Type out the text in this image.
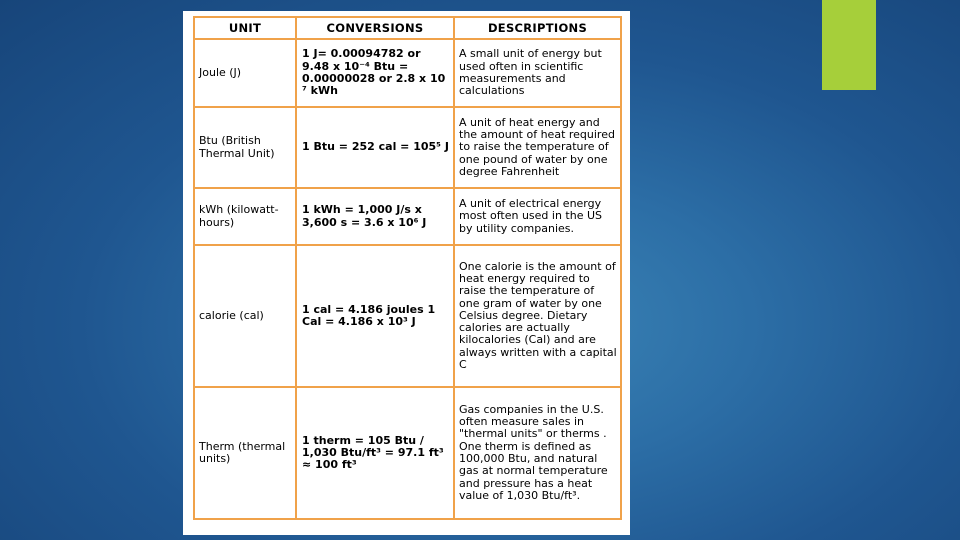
UNIT	CONVERSIONS	DESCRIPTIONS
Joule (J)	1 J= 0.00094782 or 9.48 x 10⁻⁴ Btu = 0.00000028 or 2.8 x 10 ⁷ kWh	A small unit of energy but used often in scientific measurements and calculations
Btu (British Thermal Unit)	1 Btu = 252 cal = 105⁵ J	A unit of heat energy and the amount of heat required to raise the temperature of one pound of water by one degree Fahrenheit
kWh (kilowatt-hours)	1 kWh = 1,000 J/s x 3,600 s = 3.6 x 10⁶ J	A unit of electrical energy most often used in the US by utility companies.
calorie (cal)	1 cal = 4.186 joules 1 Cal = 4.186 x 10³ J	One calorie is the amount of heat energy required to raise the temperature of one gram of water by one Celsius degree. Dietary calories are actually kilocalories (Cal) and are always written with a capital C
Therm (thermal units)	1 therm = 105 Btu / 1,030 Btu/ft³ = 97.1 ft³ ≈ 100 ft³	Gas companies in the U.S. often measure sales in "thermal units" or therms . One therm is defined as 100,000 Btu, and natural gas at normal temperature and pressure has a heat value of 1,030 Btu/ft³.
